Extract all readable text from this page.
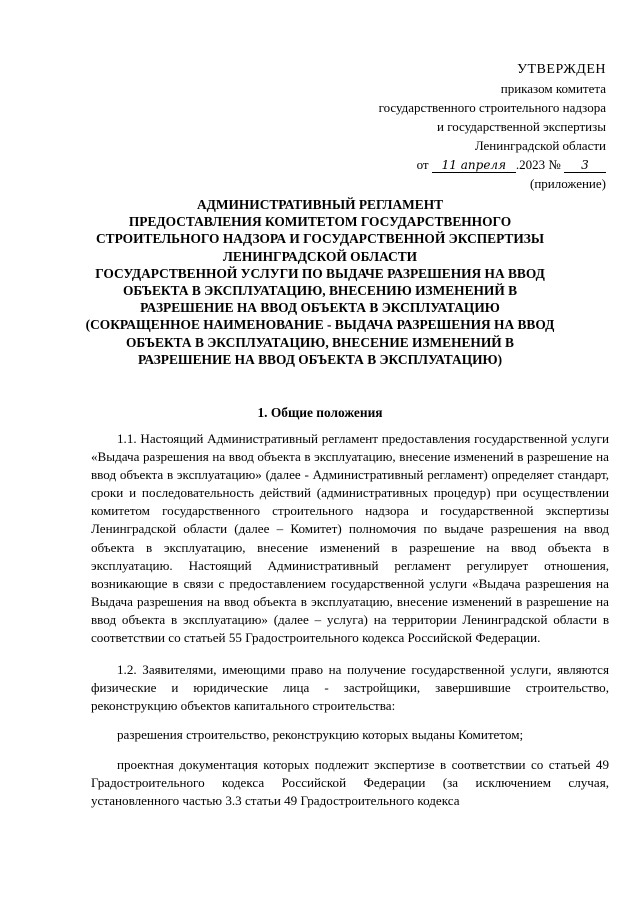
УТВЕРЖДЕН
приказом комитета
государственного строительного надзора
и государственной экспертизы
Ленинградской области
от 11 апреля .2023 № 3
(приложение)
АДМИНИСТРАТИВНЫЙ РЕГЛАМЕНТ
ПРЕДОСТАВЛЕНИЯ КОМИТЕТОМ ГОСУДАРСТВЕННОГО
СТРОИТЕЛЬНОГО НАДЗОРА И ГОСУДАРСТВЕННОЙ ЭКСПЕРТИЗЫ
ЛЕНИНГРАДСКОЙ ОБЛАСТИ
ГОСУДАРСТВЕННОЙ УСЛУГИ ПО ВЫДАЧЕ РАЗРЕШЕНИЯ НА ВВОД
ОБЪЕКТА В ЭКСПЛУАТАЦИЮ, ВНЕСЕНИЮ ИЗМЕНЕНИЙ В
РАЗРЕШЕНИЕ НА ВВОД ОБЪЕКТА В ЭКСПЛУАТАЦИЮ
(СОКРАЩЕННОЕ НАИМЕНОВАНИЕ - ВЫДАЧА РАЗРЕШЕНИЯ НА ВВОД
ОБЪЕКТА В ЭКСПЛУАТАЦИЮ, ВНЕСЕНИЕ ИЗМЕНЕНИЙ В
РАЗРЕШЕНИЕ НА ВВОД ОБЪЕКТА В ЭКСПЛУАТАЦИЮ)
1. Общие положения

1.1. Настоящий Административный регламент предоставления государственной услуги «Выдача разрешения на ввод объекта в эксплуатацию, внесение изменений в разрешение на ввод объекта в эксплуатацию» (далее - Административный регламент) определяет стандарт, сроки и последовательность действий (административных процедур) при осуществлении комитетом государственного строительного надзора и государственной экспертизы Ленинградской области (далее – Комитет) полномочия по выдаче разрешения на ввод объекта в эксплуатацию, внесение изменений в разрешение на ввод объекта в эксплуатацию. Настоящий Административный регламент регулирует отношения, возникающие в связи с предоставлением государственной услуги «Выдача разрешения на Выдача разрешения на ввод объекта в эксплуатацию, внесение изменений в разрешение на ввод объекта в эксплуатацию» (далее – услуга) на территории Ленинградской области в соответствии со статьей 55 Градостроительного кодекса Российской Федерации.

1.2. Заявителями, имеющими право на получение государственной услуги, являются физические и юридические лица - застройщики, завершившие строительство, реконструкцию объектов капитального строительства:

разрешения строительство, реконструкцию которых выданы Комитетом;

проектная документация которых подлежит экспертизе в соответствии со статьей 49 Градостроительного кодекса Российской Федерации (за исключением случая, установленного частью 3.3 статьи 49 Градостроительного кодекса
